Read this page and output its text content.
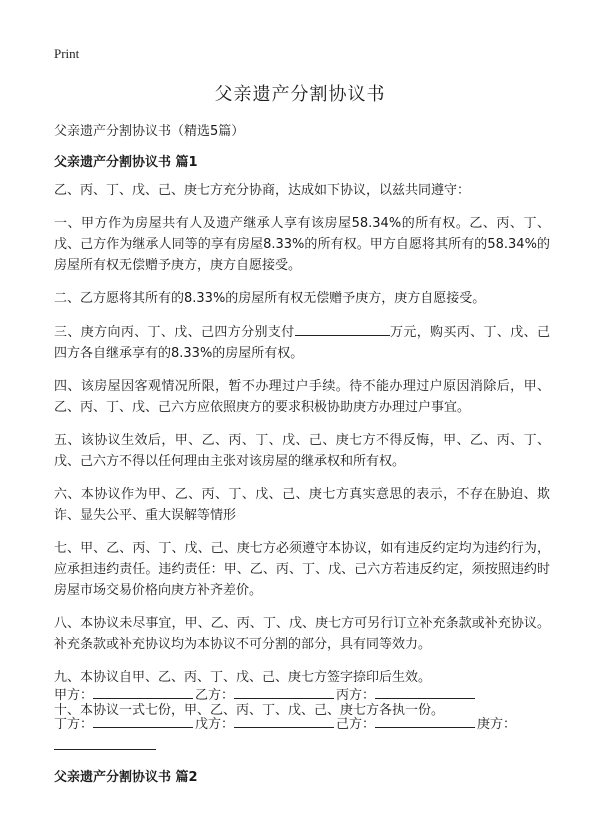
Print
父亲遗产分割协议书

父亲遗产分割协议书（精选5篇）

父亲遗产分割协议书 篇1

乙、丙、丁、戊、己、庚七方充分协商，达成如下协议，以兹共同遵守：

一、甲方作为房屋共有人及遗产继承人享有该房屋58.34%的所有权。乙、丙、丁、戊、己方作为继承人同等的享有房屋8.33%的所有权。甲方自愿将其所有的58.34%的房屋所有权无偿赠予庚方，庚方自愿接受。

二、乙方愿将其所有的8.33%的房屋所有权无偿赠予庚方，庚方自愿接受。

三、庚方向丙、丁、戊、己四方分别支付	万元，购买丙、丁、戊、己四方各自继承享有的8.33%的房屋所有权。

四、该房屋因客观情况所限，暂不办理过户手续。待不能办理过户原因消除后，甲、乙、丙、丁、戊、己六方应依照庚方的要求积极协助庚方办理过户事宜。

五、该协议生效后，甲、乙、丙、丁、戊、己、庚七方不得反悔，甲、乙、丙、丁、戊、己六方不得以任何理由主张对该房屋的继承权和所有权。

六、本协议作为甲、乙、丙、丁、戊、己、庚七方真实意思的表示，不存在胁迫、欺诈、显失公平、重大误解等情形

七、甲、乙、丙、丁、戊、己、庚七方必须遵守本协议，如有违反约定均为违约行为，应承担违约责任。违约责任：甲、乙、丙、丁、戊、己六方若违反约定，须按照违约时房屋市场交易价格向庚方补齐差价。

八、本协议未尽事宜，甲、乙、丙、丁、戊、庚七方可另行订立补充条款或补充协议。补充条款或补充协议均为本协议不可分割的部分，具有同等效力。

九、本协议自甲、乙、丙、丁、戊、己、庚七方签字捺印后生效。

十、本协议一式七份，甲、乙、丙、丁、戊、己、庚七方各执一份。

甲方：	乙方：	丙方：
丁方：	戊方：	己方：	庚方：
父亲遗产分割协议书 篇2
